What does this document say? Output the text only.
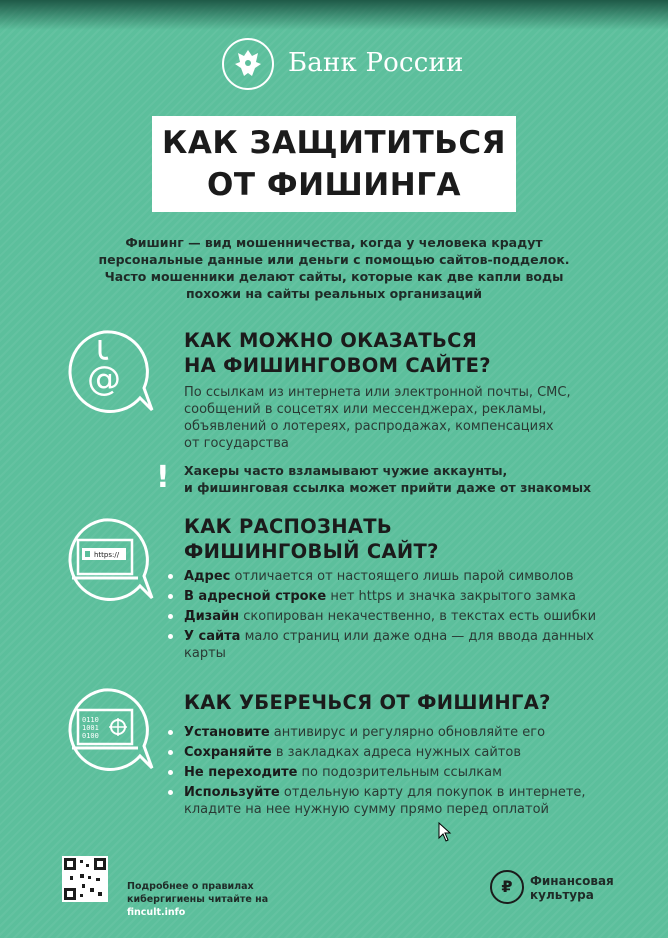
Банк России
КАК ЗАЩИТИТЬСЯ
ОТ ФИШИНГА
Фишинг — вид мошенничества, когда у человека крадут
персональные данные или деньги с помощью сайтов-подделок.
Часто мошенники делают сайты, которые как две капли воды
похожи на сайты реальных организаций
@
КАК МОЖНО ОКАЗАТЬСЯ
НА ФИШИНГОВОМ САЙТЕ?
По ссылкам из интернета или электронной почты, СМС,
сообщений в соцсетях или мессенджерах, рекламы,
объявлений о лотереях, распродажах, компенсациях
от государства
! Хакеры часто взламывают чужие аккаунты,
и фишинговая ссылка может прийти даже от знакомых
https://
КАК РАСПОЗНАТЬ
ФИШИНГОВЫЙ САЙТ?
Адрес отличается от настоящего лишь парой символов
В адресной строке нет https и значка закрытого замка
Дизайн скопирован некачественно, в текстах есть ошибки
У сайта мало страниц или даже одна — для ввода данных карты
0110
1001
0100
КАК УБЕРЕЧЬСЯ ОТ ФИШИНГА?
Установите антивирус и регулярно обновляйте его
Сохраняйте в закладках адреса нужных сайтов
Не переходите по подозрительным ссылкам
Используйте отдельную карту для покупок в интернете, кладите на нее нужную сумму прямо перед оплатой
Подробнее о правилах
кибергигиены читайте на
fincult.info
₽	Финансовая
культура
